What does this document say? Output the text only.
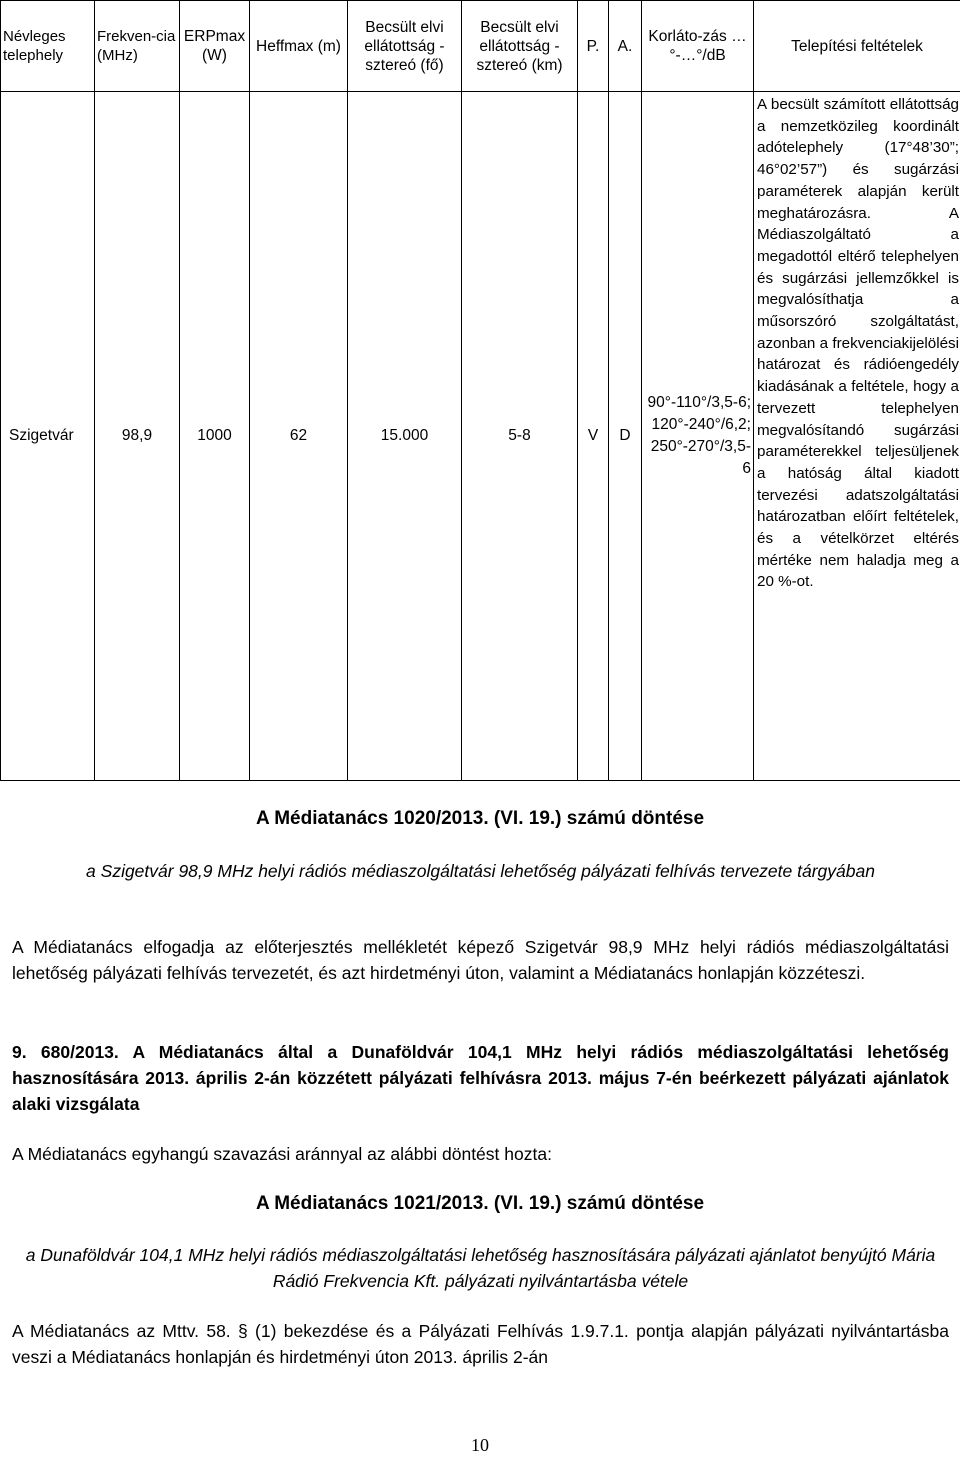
Névleges telephely	Frekven-cia (MHz)	ERPmax (W)	Heffmax (m)	Becsült elvi ellátottság - sztereó (fő)	Becsült elvi ellátottság - sztereó (km)	P.	A.	Korláto-zás …°-…°/dB	Telepítési feltételek
Szigetvár	98,9	1000	62	15.000	5-8	V	D	90°-110°/3,5-6; 120°-240°/6,2; 250°-270°/3,5-6	A becsült számított ellátottság a nemzetközileg koordinált adótelephely (17°48’30”; 46°02’57”) és sugárzási paraméterek alapján került meghatározásra. A Médiaszolgáltató a megadottól eltérő telephelyen és sugárzási jellemzőkkel is megvalósíthatja a műsorszóró szolgáltatást, azonban a frekvenciakijelölési határozat és rádióengedély kiadásának a feltétele, hogy a tervezett telephelyen megvalósítandó sugárzási paraméterekkel teljesüljenek a hatóság által kiadott tervezési adatszolgáltatási határozatban előírt feltételek, és a vételkörzet eltérés mértéke nem haladja meg a 20 %-ot.

A Médiatanács 1020/2013. (VI. 19.) számú döntése

a Szigetvár 98,9 MHz helyi rádiós médiaszolgáltatási lehetőség pályázati felhívás tervezete tárgyában

A Médiatanács elfogadja az előterjesztés mellékletét képező Szigetvár 98,9 MHz helyi rádiós médiaszolgáltatási lehetőség pályázati felhívás tervezetét, és azt hirdetményi úton, valamint a Médiatanács honlapján közzéteszi.

9. 680/2013. A Médiatanács által a Dunaföldvár 104,1 MHz helyi rádiós médiaszolgáltatási lehetőség hasznosítására 2013. április 2-án közzétett pályázati felhívásra 2013. május 7-én beérkezett pályázati ajánlatok alaki vizsgálata

A Médiatanács egyhangú szavazási aránnyal az alábbi döntést hozta:

A Médiatanács 1021/2013. (VI. 19.) számú döntése

a Dunaföldvár 104,1 MHz helyi rádiós médiaszolgáltatási lehetőség hasznosítására pályázati ajánlatot benyújtó Mária Rádió Frekvencia Kft. pályázati nyilvántartásba vétele

A Médiatanács az Mttv. 58. § (1) bekezdése és a Pályázati Felhívás 1.9.7.1. pontja alapján pályázati nyilvántartásba veszi a Médiatanács honlapján és hirdetményi úton 2013. április 2-án

10
